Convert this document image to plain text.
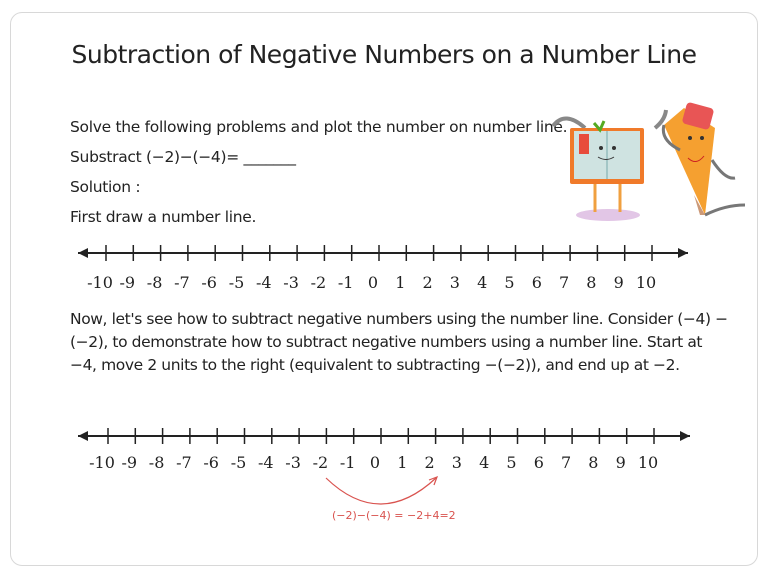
Subtraction of Negative Numbers on a Number Line
Solve the following problems and plot the number on number line.
Substract (−2)−(−4)= _______
Solution :
First draw a number line.
Now, let's see how to subtract negative numbers using the number line. Consider (−4) − (−2), to demonstrate how to subtract negative numbers using a number line. Start at −4, move 2 units to the right (equivalent to subtracting −(−2)), and end up at −2.
(−2)−(−4) = −2+4=2
-10 -9 -8 -7 -6 -5 -4 -3 -2 -1 0 1 2 3 4 5 6 7 8 9 10
-10 -9 -8 -7 -6 -5 -4 -3 -2 -1 0 1 2 3 4 5 6 7 8 9 10
